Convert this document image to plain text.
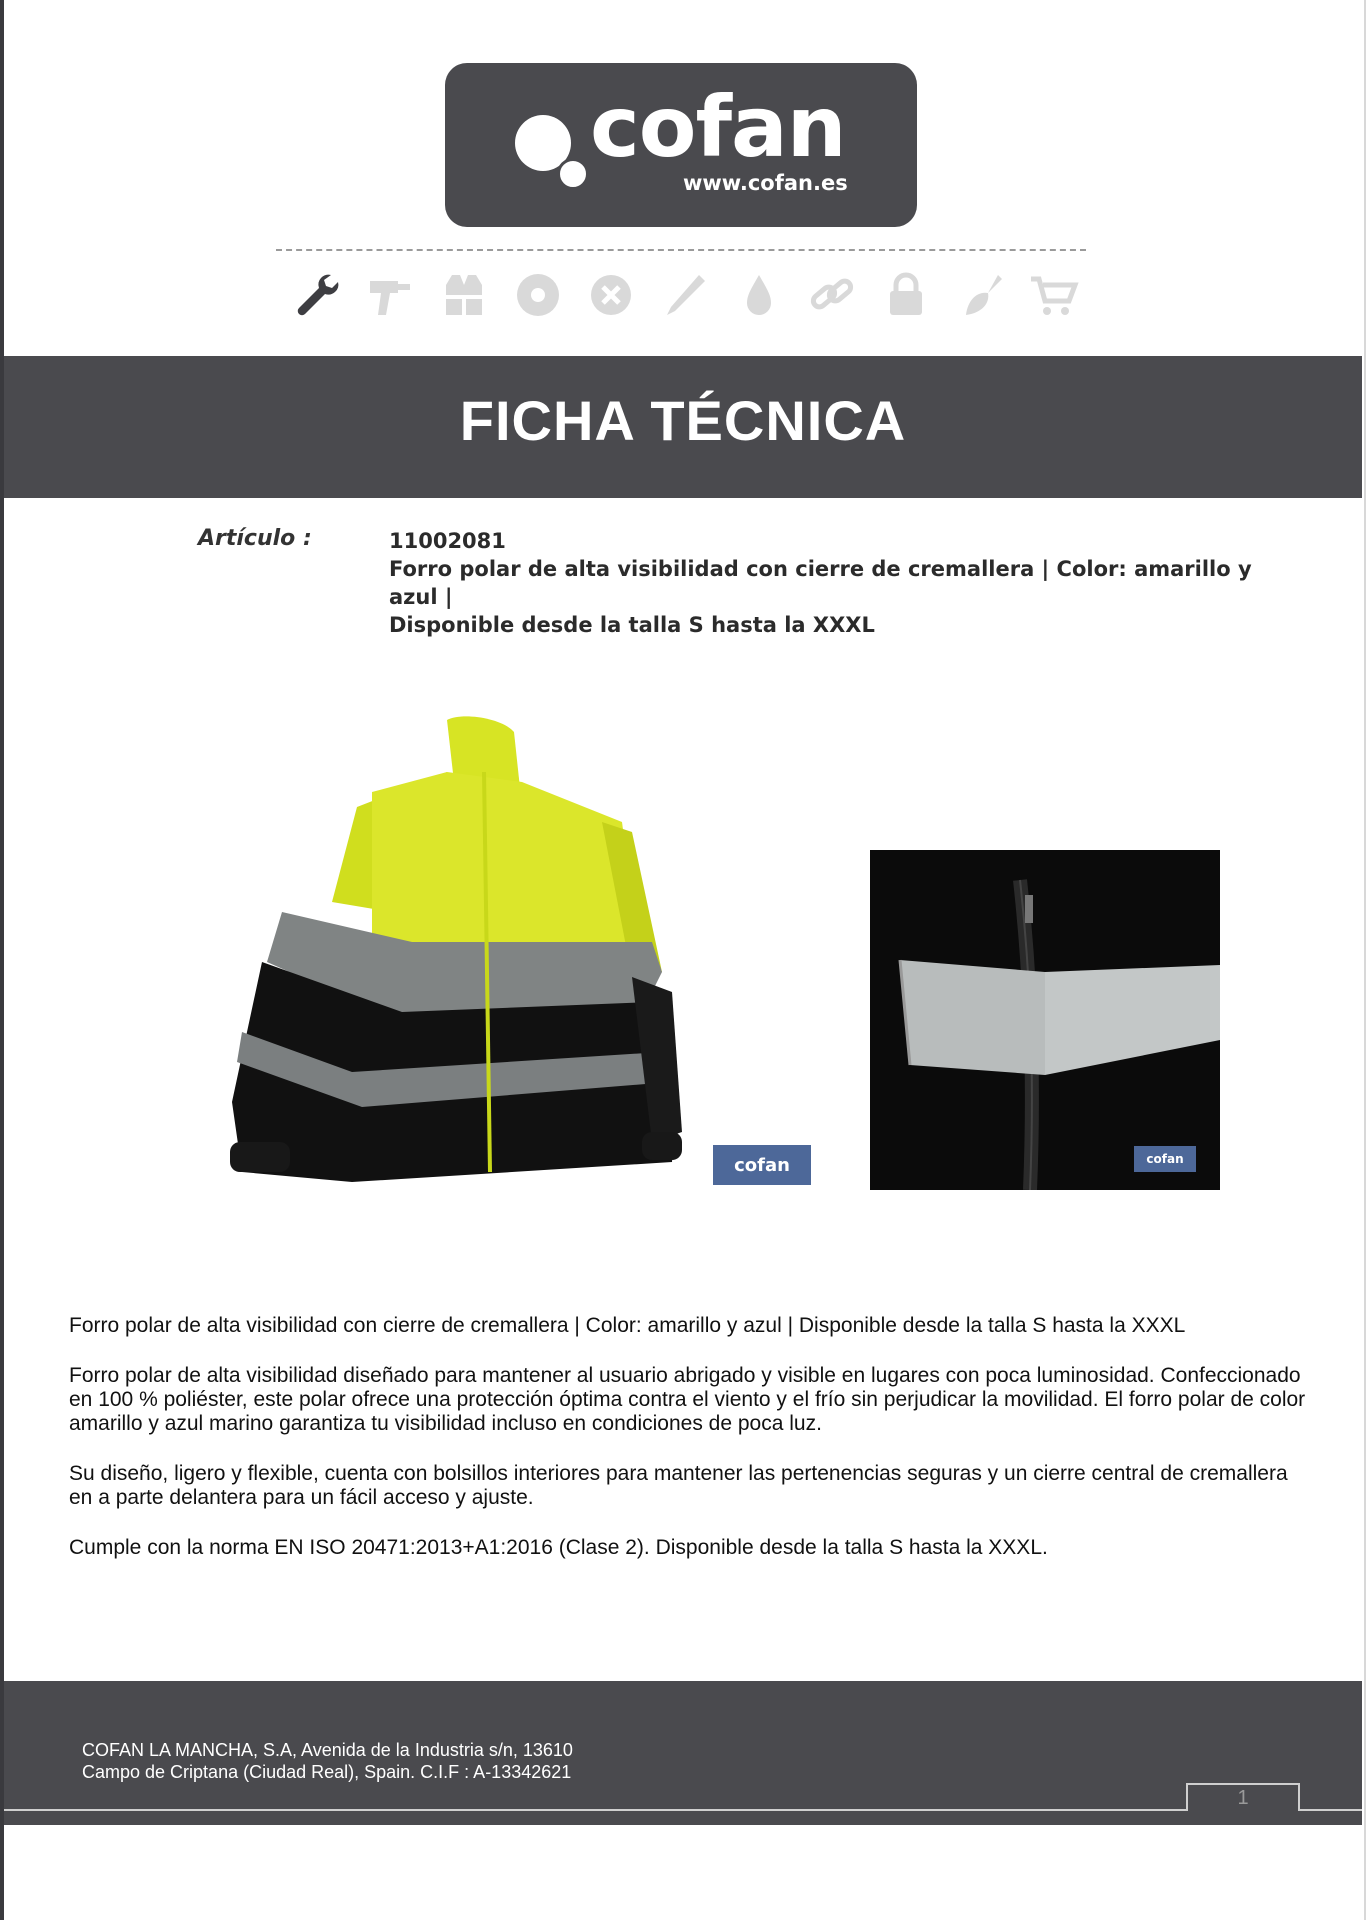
cofan
www.cofan.es
FICHA TÉCNICA
Artículo :	11002081
Forro polar de alta visibilidad con cierre de cremallera | Color: amarillo y azul |
Disponible desde la talla S hasta la XXXL
cofan	cofan

Forro polar de alta visibilidad con cierre de cremallera | Color: amarillo y azul | Disponible desde la talla S hasta la XXXL

Forro polar de alta visibilidad diseñado para mantener al usuario abrigado y visible en lugares con poca luminosidad. Confeccionado en 100 % poliéster, este polar ofrece una protección óptima contra el viento y el frío sin perjudicar la movilidad. El forro polar de color amarillo y azul marino garantiza tu visibilidad incluso en condiciones de poca luz.

Su diseño, ligero y flexible, cuenta con bolsillos interiores para mantener las pertenencias seguras y un cierre central de cremallera en a parte delantera para un fácil acceso y ajuste.

Cumple con la norma EN ISO 20471:2013+A1:2016 (Clase 2). Disponible desde la talla S hasta la XXXL.

COFAN LA MANCHA, S.A, Avenida de la Industria s/n, 13610
Campo de Criptana (Ciudad Real), Spain. C.I.F : A-13342621
1
